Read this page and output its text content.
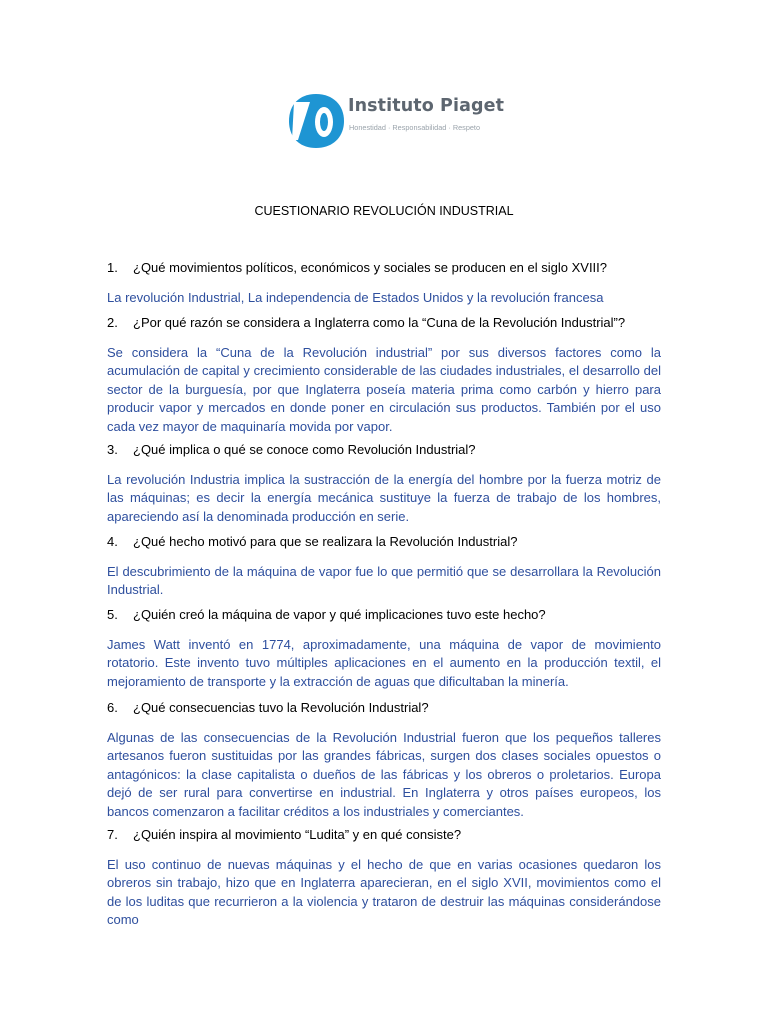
Instituto Piaget
Honestidad · Responsabilidad · Respeto
CUESTIONARIO REVOLUCIÓN INDUSTRIAL
1. ¿Qué movimientos políticos, económicos y sociales se producen en el siglo XVIII?
La revolución Industrial, La independencia de Estados Unidos y la revolución francesa
2. ¿Por qué razón se considera a Inglaterra como la “Cuna de la Revolución Industrial”?
Se considera la “Cuna de la Revolución industrial” por sus diversos factores como la acumulación de capital y crecimiento considerable de las ciudades industriales, el desarrollo del sector de la burguesía, por que Inglaterra poseía materia prima como carbón y hierro para producir vapor y mercados en donde poner en circulación sus productos. También por el uso cada vez mayor de maquinaría movida por vapor.
3. ¿Qué implica o qué se conoce como Revolución Industrial?
La revolución Industria implica la sustracción de la energía del hombre por la fuerza motriz de las máquinas; es decir la energía mecánica sustituye la fuerza de trabajo de los hombres, apareciendo así la denominada producción en serie.
4. ¿Qué hecho motivó para que se realizara la Revolución Industrial?
El descubrimiento de la máquina de vapor fue lo que permitió que se desarrollara la Revolución Industrial.
5. ¿Quién creó la máquina de vapor y qué implicaciones tuvo este hecho?
James Watt inventó en 1774, aproximadamente, una máquina de vapor de movimiento rotatorio. Este invento tuvo múltiples aplicaciones en el aumento en la producción textil, el mejoramiento de transporte y la extracción de aguas que dificultaban la minería.
6. ¿Qué consecuencias tuvo la Revolución Industrial?
Algunas de las consecuencias de la Revolución Industrial fueron que los pequeños talleres artesanos fueron sustituidas por las grandes fábricas, surgen dos clases sociales opuestos o antagónicos: la clase capitalista o dueños de las fábricas y los obreros o proletarios. Europa dejó de ser rural para convertirse en industrial. En Inglaterra y otros países europeos, los bancos comenzaron a facilitar créditos a los industriales y comerciantes.
7. ¿Quién inspira al movimiento “Ludita” y en qué consiste?
El uso continuo de nuevas máquinas y el hecho de que en varias ocasiones quedaron los obreros sin trabajo, hizo que en Inglaterra aparecieran, en el siglo XVII, movimientos como el de los luditas que recurrieron a la violencia y trataron de destruir las máquinas considerándose como
